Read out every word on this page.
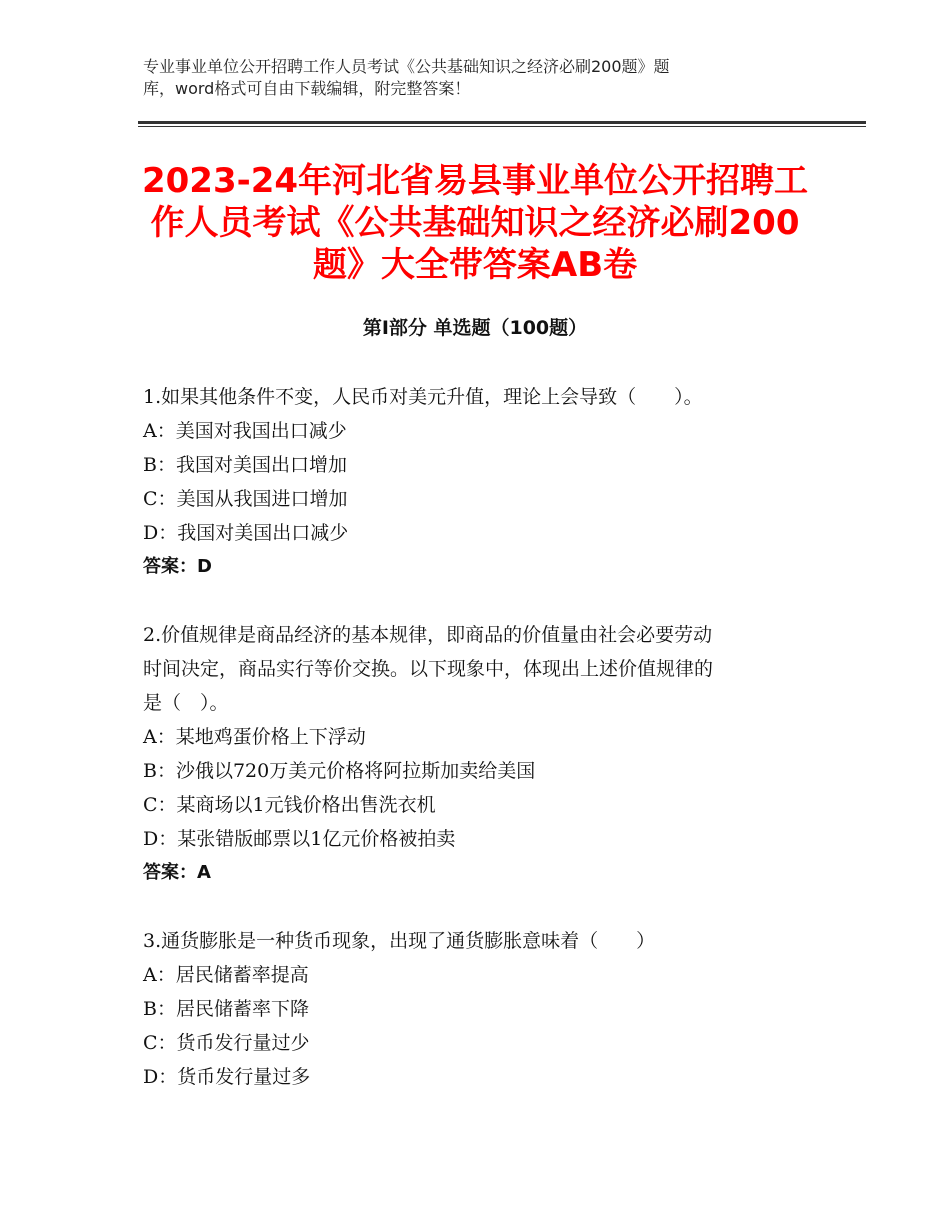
专业事业单位公开招聘工作人员考试《公共基础知识之经济必刷200题》题
库，word格式可自由下载编辑，附完整答案！
2023-24年河北省易县事业单位公开招聘工
作人员考试《公共基础知识之经济必刷200
题》大全带答案AB卷
第I部分 单选题（100题）
1.如果其他条件不变，人民币对美元升值，理论上会导致（　　）。
A：美国对我国出口减少
B：我国对美国出口增加
C：美国从我国进口增加
D：我国对美国出口减少
答案：D
2.价值规律是商品经济的基本规律，即商品的价值量由社会必要劳动
时间决定，商品实行等价交换。以下现象中，体现出上述价值规律的
是（　）。
A：某地鸡蛋价格上下浮动
B：沙俄以720万美元价格将阿拉斯加卖给美国
C：某商场以1元钱价格出售洗衣机
D：某张错版邮票以1亿元价格被拍卖
答案：A
3.通货膨胀是一种货币现象，出现了通货膨胀意味着（　　）
A：居民储蓄率提高
B：居民储蓄率下降
C：货币发行量过少
D：货币发行量过多
